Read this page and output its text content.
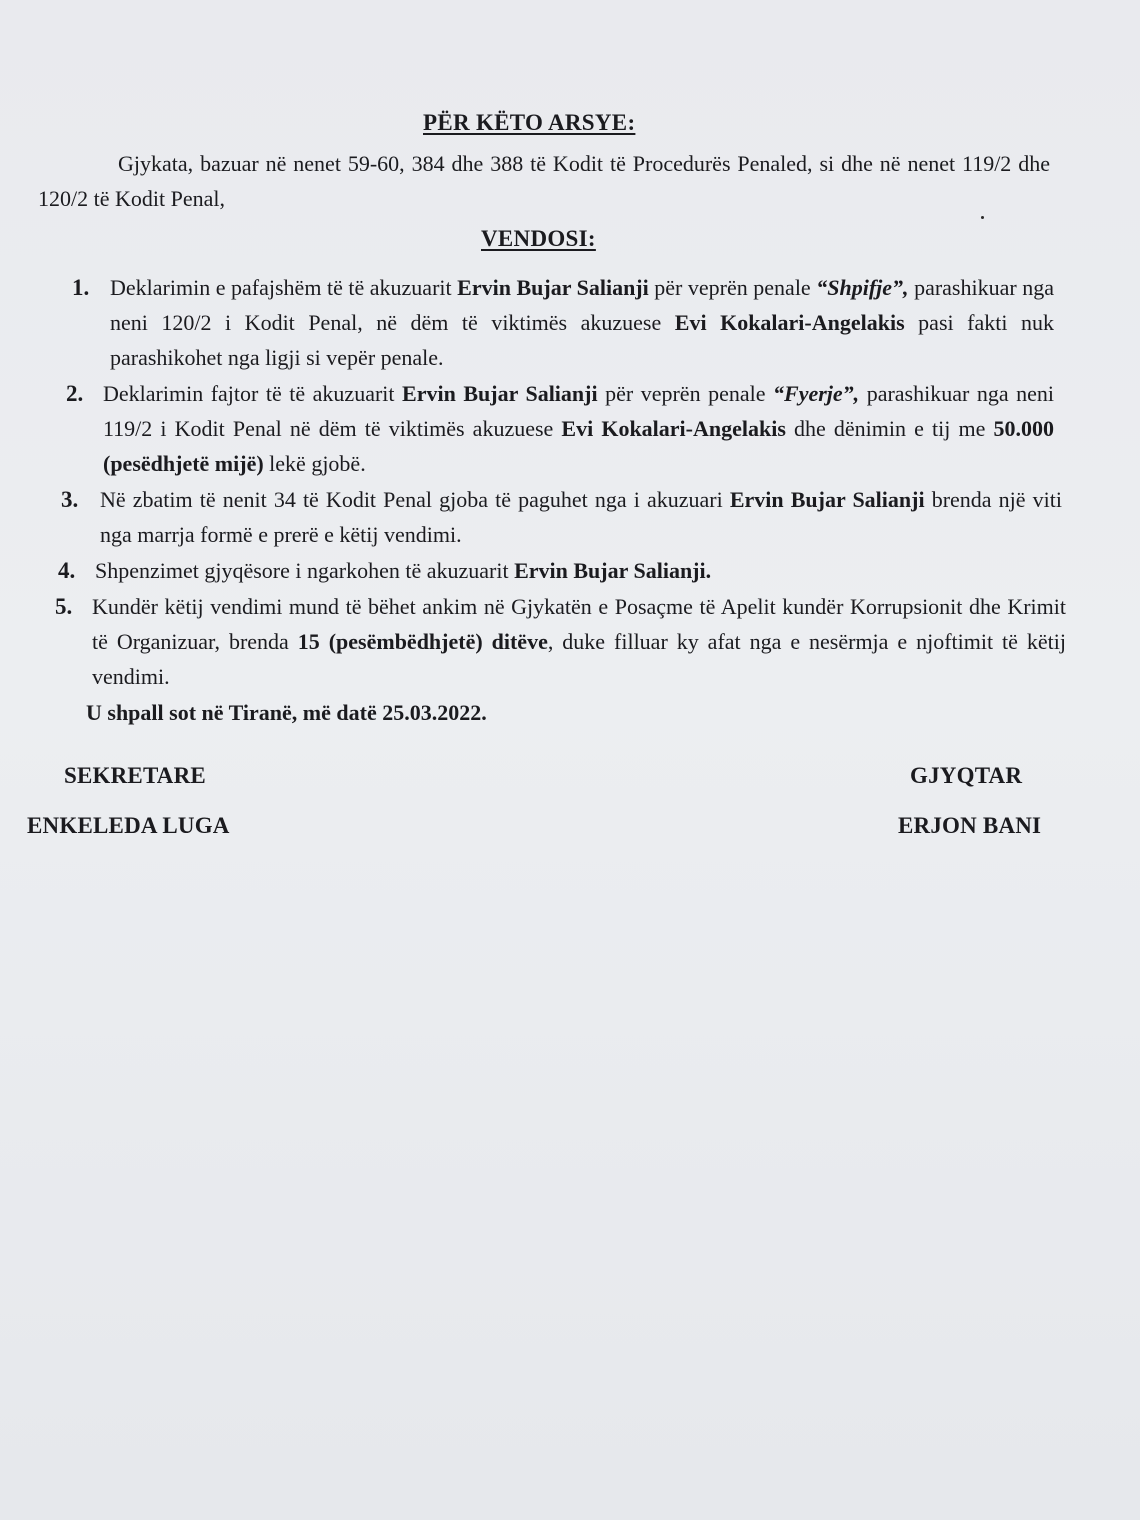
PËR KËTO ARSYE:
Gjykata, bazuar në nenet 59-60, 384 dhe 388 të Kodit të Procedurës Penaled, si dhe në nenet 119/2 dhe 120/2 të Kodit Penal,
VENDOSI:
1. Deklarimin e pafajshëm të të akuzuarit Ervin Bujar Salianji për veprën penale “Shpifje”, parashikuar nga neni 120/2 i Kodit Penal, në dëm të viktimës akuzuese Evi Kokalari-Angelakis pasi fakti nuk parashikohet nga ligji si vepër penale.
2. Deklarimin fajtor të të akuzuarit Ervin Bujar Salianji për veprën penale “Fyerje”, parashikuar nga neni 119/2 i Kodit Penal në dëm të viktimës akuzuese Evi Kokalari-Angelakis dhe dënimin e tij me 50.000 (pesëdhjetë mijë) lekë gjobë.
3. Në zbatim të nenit 34 të Kodit Penal gjoba të paguhet nga i akuzuari Ervin Bujar Salianji brenda një viti nga marrja formë e prerë e këtij vendimi.
4. Shpenzimet gjyqësore i ngarkohen të akuzuarit Ervin Bujar Salianji.
5. Kundër këtij vendimi mund të bëhet ankim në Gjykatën e Posaçme të Apelit kundër Korrupsionit dhe Krimit të Organizuar, brenda 15 (pesëmbëdhjetë) ditëve, duke filluar ky afat nga e nesërmja e njoftimit të këtij vendimi.
U shpall sot në Tiranë, më datë 25.03.2022.
SEKRETARE
ENKELEDA LUGA
GJYQTAR
ERJON BANI
